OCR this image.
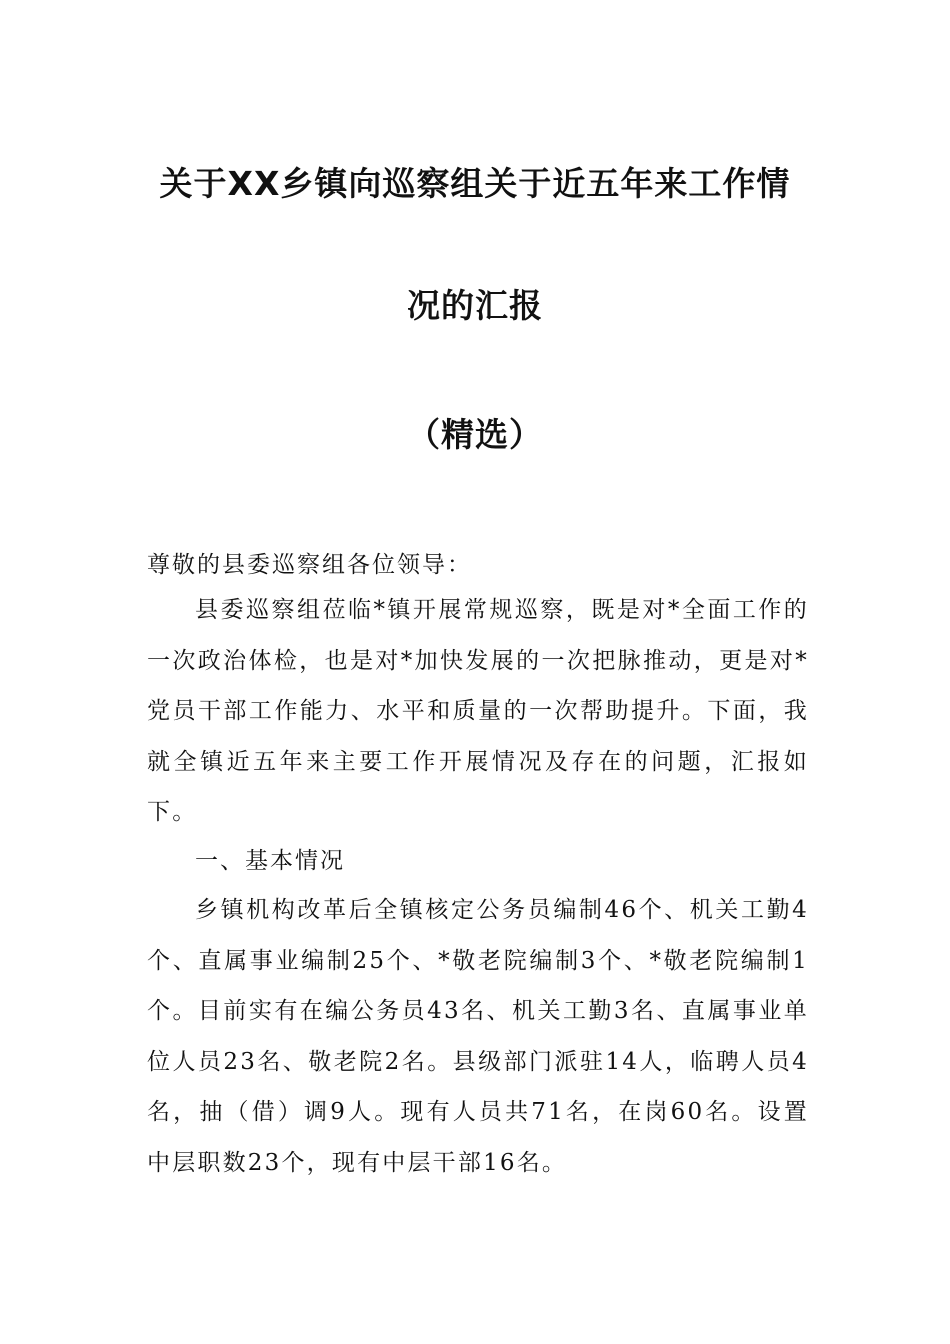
关于XX乡镇向巡察组关于近五年来工作情
况的汇报
（精选）
尊敬的县委巡察组各位领导：
县委巡察组莅临*镇开展常规巡察，既是对*全面工作的一次政治体检，也是对*加快发展的一次把脉推动，更是对*党员干部工作能力、水平和质量的一次帮助提升。下面，我就全镇近五年来主要工作开展情况及存在的问题，汇报如下。
一、基本情况
乡镇机构改革后全镇核定公务员编制46个、机关工勤4个、直属事业编制25个、*敬老院编制3个、*敬老院编制1个。目前实有在编公务员43名、机关工勤3名、直属事业单位人员23名、敬老院2名。县级部门派驻14人，临聘人员4名，抽（借）调9人。现有人员共71名，在岗60名。设置中层职数23个，现有中层干部16名。
